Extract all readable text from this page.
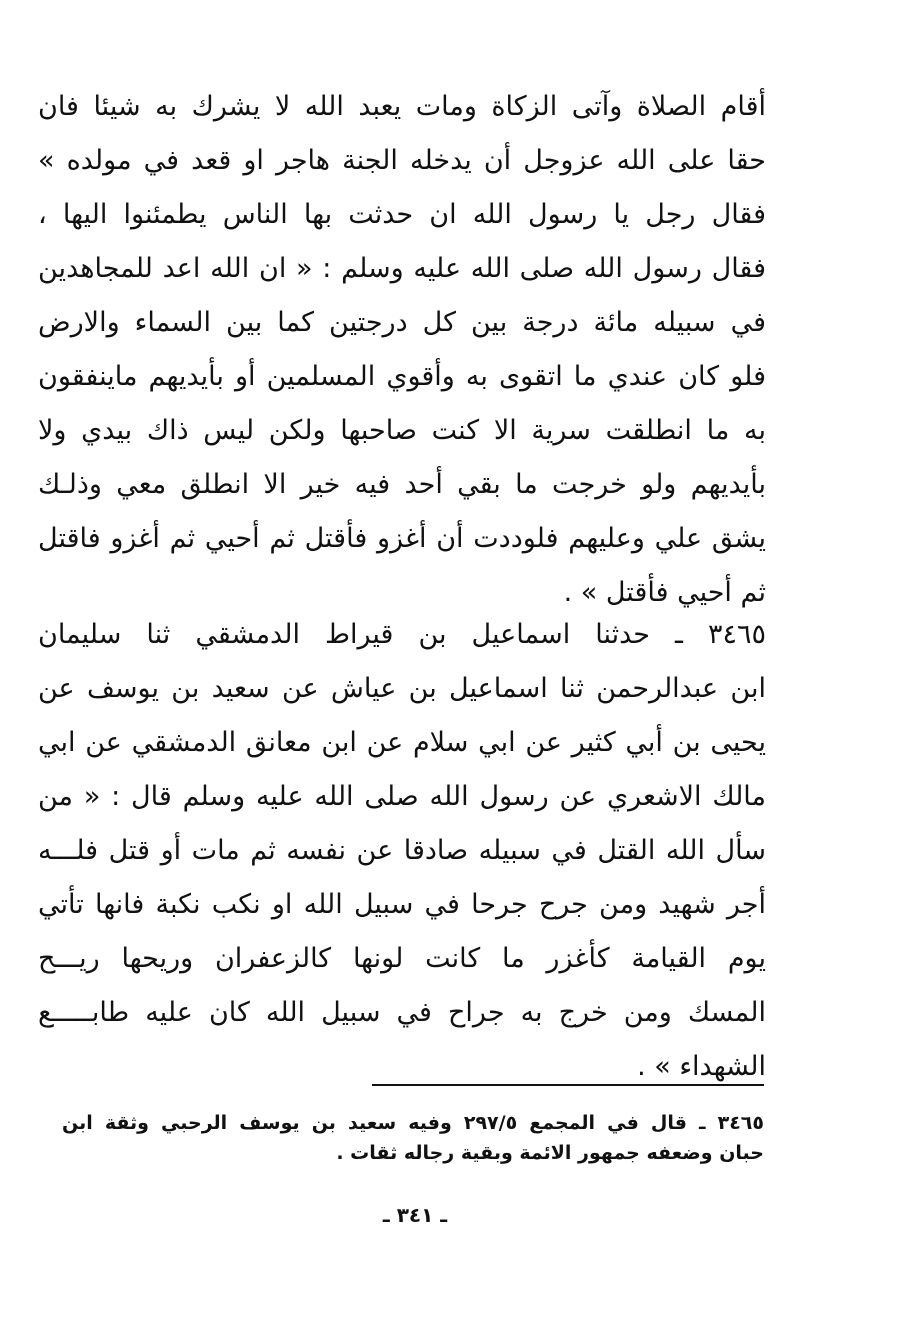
أقام الصلاة وآتى الزكاة ومات يعبد الله لا يشرك به شيئا فان
حقا على الله عزوجل أن يدخله الجنة هاجر او قعد في مولده »
فقال رجل يا رسول الله ان حدثت بها الناس يطمئنوا اليها ،
فقال رسول الله صلى الله عليه وسلم : « ان الله اعد للمجاهدين
في سبيله مائة درجة بين كل درجتين كما بين السماء والارض
فلو كان عندي ما اتقوى به وأقوي المسلمين أو بأيديهم ماينفقون
به ما انطلقت سرية الا كنت صاحبها ولكن ليس ذاك بيدي ولا
بأيديهم ولو خرجت ما بقي أحد فيه خير الا انطلق معي وذلـك
يشق علي وعليهم فلوددت أن أغزو فأقتل ثم أحيي ثم أغزو فاقتل
ثم أحيي فأقتل » .
٣٤٦٥ ـ حدثنا اسماعيل بن قيراط الدمشقي ثنا سليمان
ابن عبدالرحمن ثنا اسماعيل بن عياش عن سعيد بن يوسف عن
يحيى بن أبي كثير عن ابي سلام عن ابن معانق الدمشقي عن ابي
مالك الاشعري عن رسول الله صلى الله عليه وسلم قال : « من
سأل الله القتل في سبيله صادقا عن نفسه ثم مات أو قتل فلـــه
أجر شهيد ومن جرح جرحا في سبيل الله او نكب نكبة فانها تأتي
يوم القيامة كأغزر ما كانت لونها كالزعفران وريحها ريـــح
المسك ومن خرج به جراح في سبيل الله كان عليه طابـــــع
الشهداء » .
٣٤٦٥ ـ قال في المجمع ٢٩٧/٥ وفيه سعيد بن يوسف الرحبي وثقة ابن
حبان وضعفه جمهور الائمة وبقية رجاله ثقات .
ـ ٣٤١ ـ
